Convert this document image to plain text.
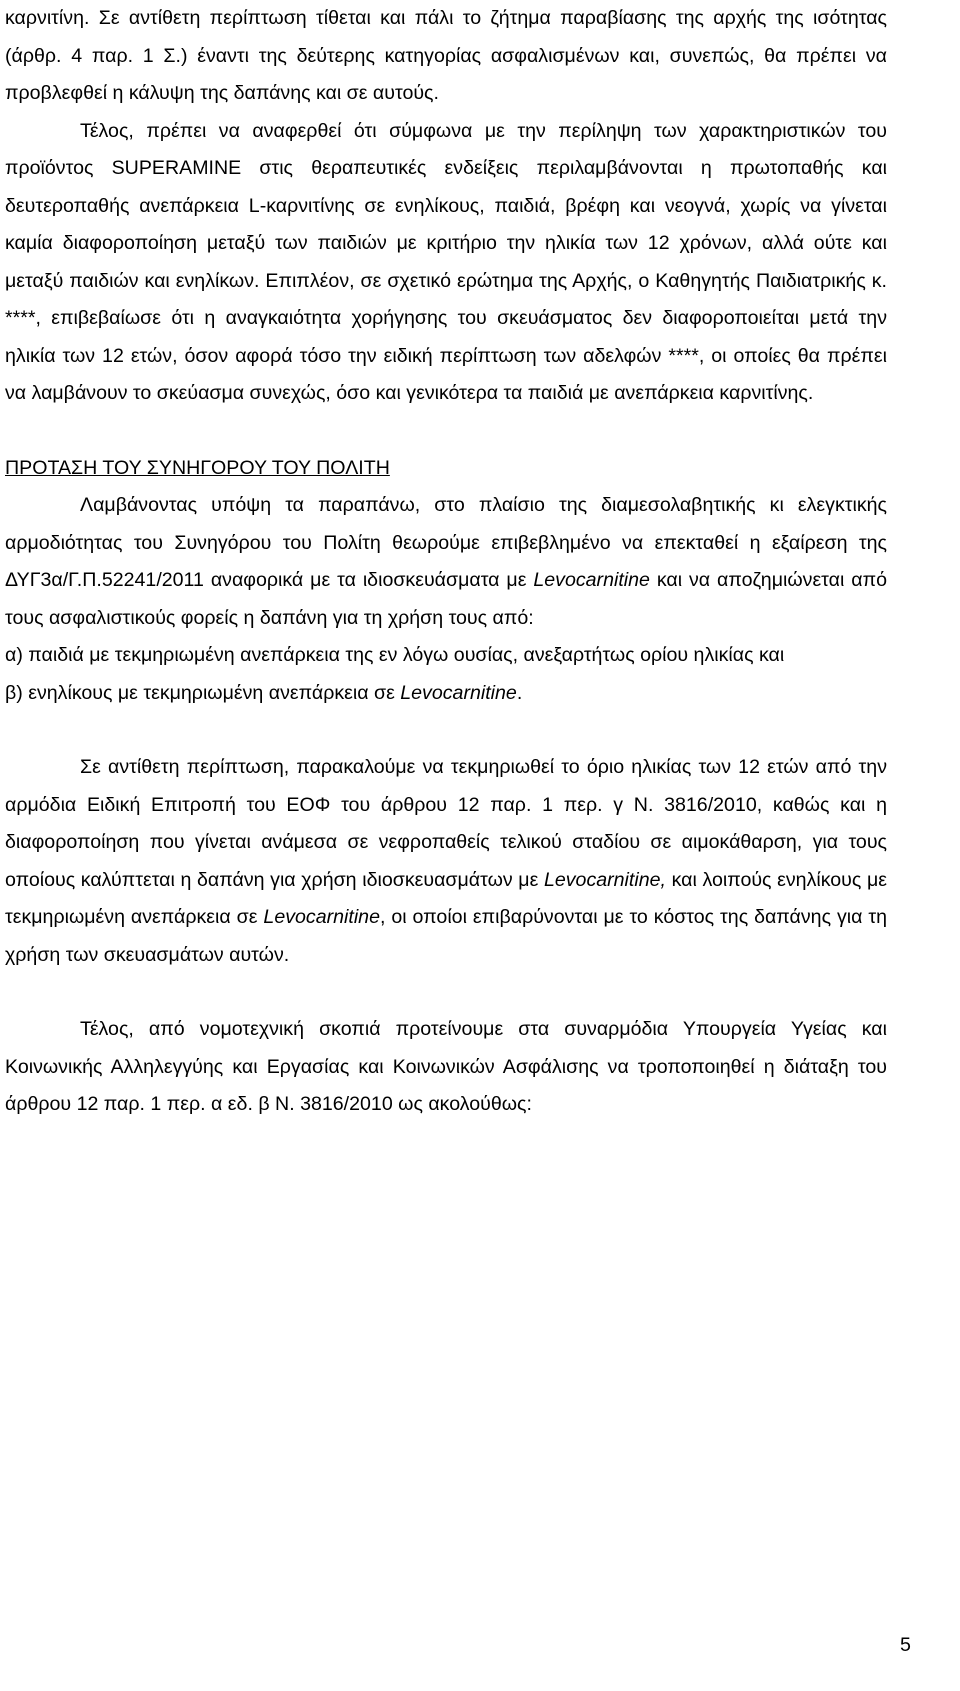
καρνιτίνη. Σε αντίθετη περίπτωση τίθεται και πάλι το ζήτημα παραβίασης της αρχής της ισότητας (άρθρ. 4 παρ. 1 Σ.) έναντι της δεύτερης κατηγορίας ασφαλισμένων και, συνεπώς, θα πρέπει να προβλεφθεί η κάλυψη της δαπάνης και σε αυτούς.

Τέλος, πρέπει να αναφερθεί ότι σύμφωνα με την περίληψη των χαρακτηριστικών του προϊόντος SUPERAMINE στις θεραπευτικές ενδείξεις περιλαμβάνονται η πρωτοπαθής και δευτεροπαθής ανεπάρκεια L-καρνιτίνης σε ενηλίκους, παιδιά, βρέφη και νεογνά, χωρίς να γίνεται καμία διαφοροποίηση μεταξύ των παιδιών με κριτήριο την ηλικία των 12 χρόνων, αλλά ούτε και μεταξύ παιδιών και ενηλίκων. Επιπλέον, σε σχετικό ερώτημα της Αρχής, ο Καθηγητής Παιδιατρικής κ. ****, επιβεβαίωσε ότι η αναγκαιότητα χορήγησης του σκευάσματος δεν διαφοροποιείται μετά την ηλικία των 12 ετών, όσον αφορά τόσο την ειδική περίπτωση των αδελφών ****, οι οποίες θα πρέπει να λαμβάνουν το σκεύασμα συνεχώς, όσο και γενικότερα τα παιδιά με ανεπάρκεια καρνιτίνης.

ΠΡΟΤΑΣΗ ΤΟΥ ΣΥΝΗΓΟΡΟΥ ΤΟΥ ΠΟΛΙΤΗ

Λαμβάνοντας υπόψη τα παραπάνω, στο πλαίσιο της διαμεσολαβητικής κι ελεγκτικής αρμοδιότητας του Συνηγόρου του Πολίτη θεωρούμε επιβεβλημένο να επεκταθεί η εξαίρεση της ΔΥΓ3α/Γ.Π.52241/2011 αναφορικά με τα ιδιοσκευάσματα με Levocarnitine και να αποζημιώνεται από τους ασφαλιστικούς φορείς η δαπάνη για τη χρήση τους από:

α) παιδιά με τεκμηριωμένη ανεπάρκεια της εν λόγω ουσίας, ανεξαρτήτως ορίου ηλικίας και

β) ενηλίκους με τεκμηριωμένη ανεπάρκεια σε Levocarnitine.

Σε αντίθετη περίπτωση, παρακαλούμε να τεκμηριωθεί το όριο ηλικίας των 12 ετών από την αρμόδια Ειδική Επιτροπή του ΕΟΦ του άρθρου 12 παρ. 1 περ. γ Ν. 3816/2010, καθώς και η διαφοροποίηση που γίνεται ανάμεσα σε νεφροπαθείς τελικού σταδίου σε αιμοκάθαρση, για τους οποίους καλύπτεται η δαπάνη για χρήση ιδιοσκευασμάτων με Levocarnitine, και λοιπούς ενηλίκους με τεκμηριωμένη ανεπάρκεια σε Levocarnitine, οι οποίοι επιβαρύνονται με το κόστος της δαπάνης για τη χρήση των σκευασμάτων αυτών.

Τέλος, από νομοτεχνική σκοπιά προτείνουμε στα συναρμόδια Υπουργεία Υγείας και Κοινωνικής Αλληλεγγύης και Εργασίας και Κοινωνικών Ασφάλισης να τροποποιηθεί η διάταξη του άρθρου 12 παρ. 1 περ. α εδ. β Ν. 3816/2010 ως ακολούθως:

5
